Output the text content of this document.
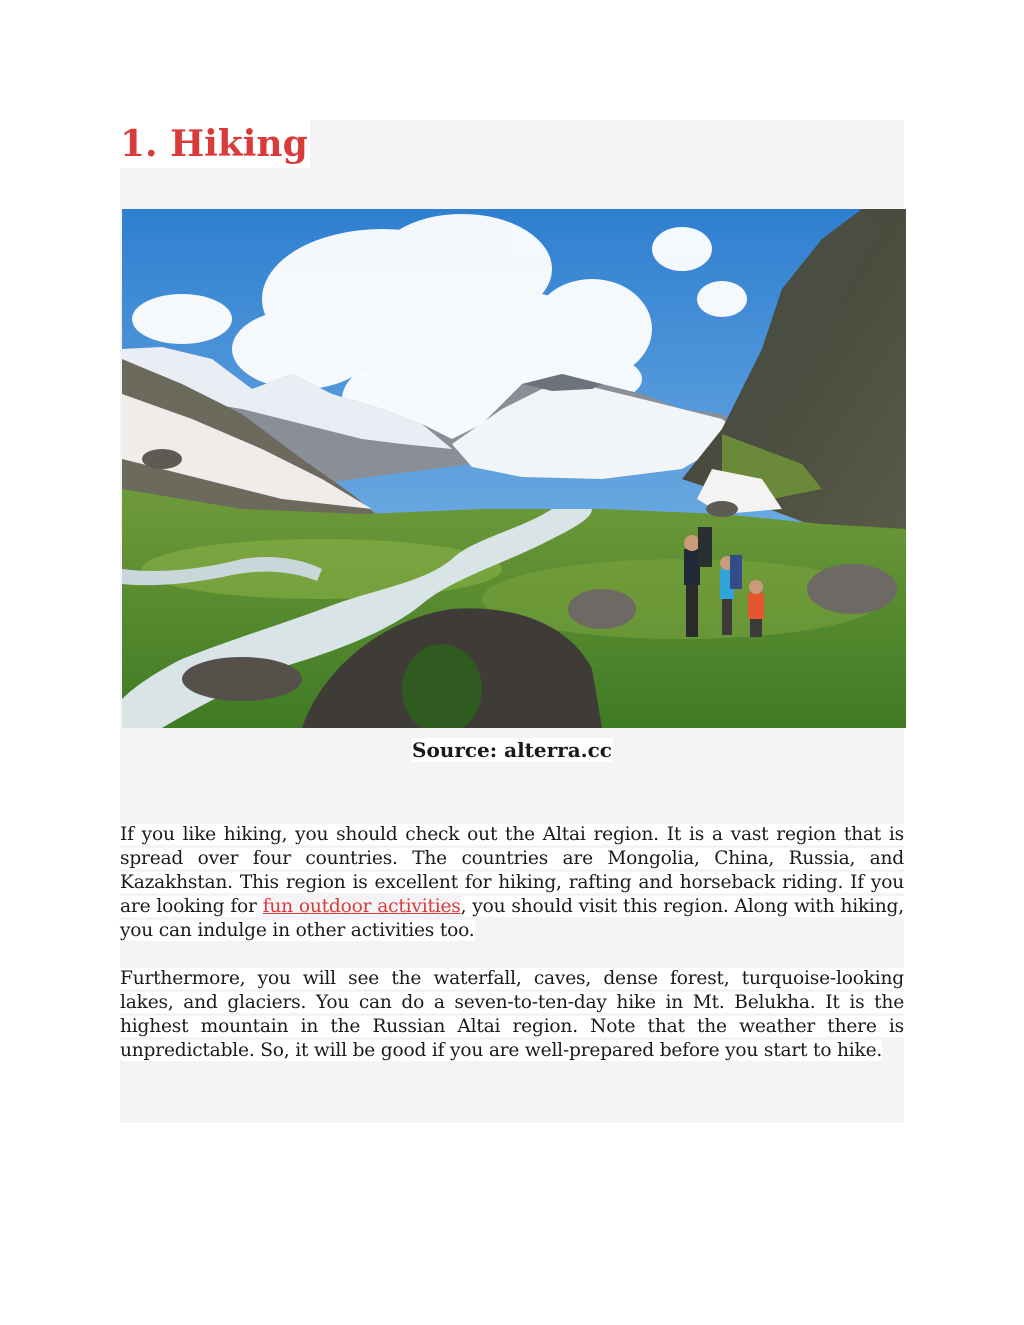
1. Hiking
Source: alterra.cc

If you like hiking, you should check out the Altai region. It is a vast region that is spread over four countries. The countries are Mongolia, China, Russia, and Kazakhstan. This region is excellent for hiking, rafting and horseback riding. If you are looking for fun outdoor activities, you should visit this region. Along with hiking, you can indulge in other activities too.

Furthermore, you will see the waterfall, caves, dense forest, turquoise-looking lakes, and glaciers. You can do a seven-to-ten-day hike in Mt. Belukha. It is the highest mountain in the Russian Altai region. Note that the weather there is unpredictable. So, it will be good if you are well-prepared before you start to hike.
